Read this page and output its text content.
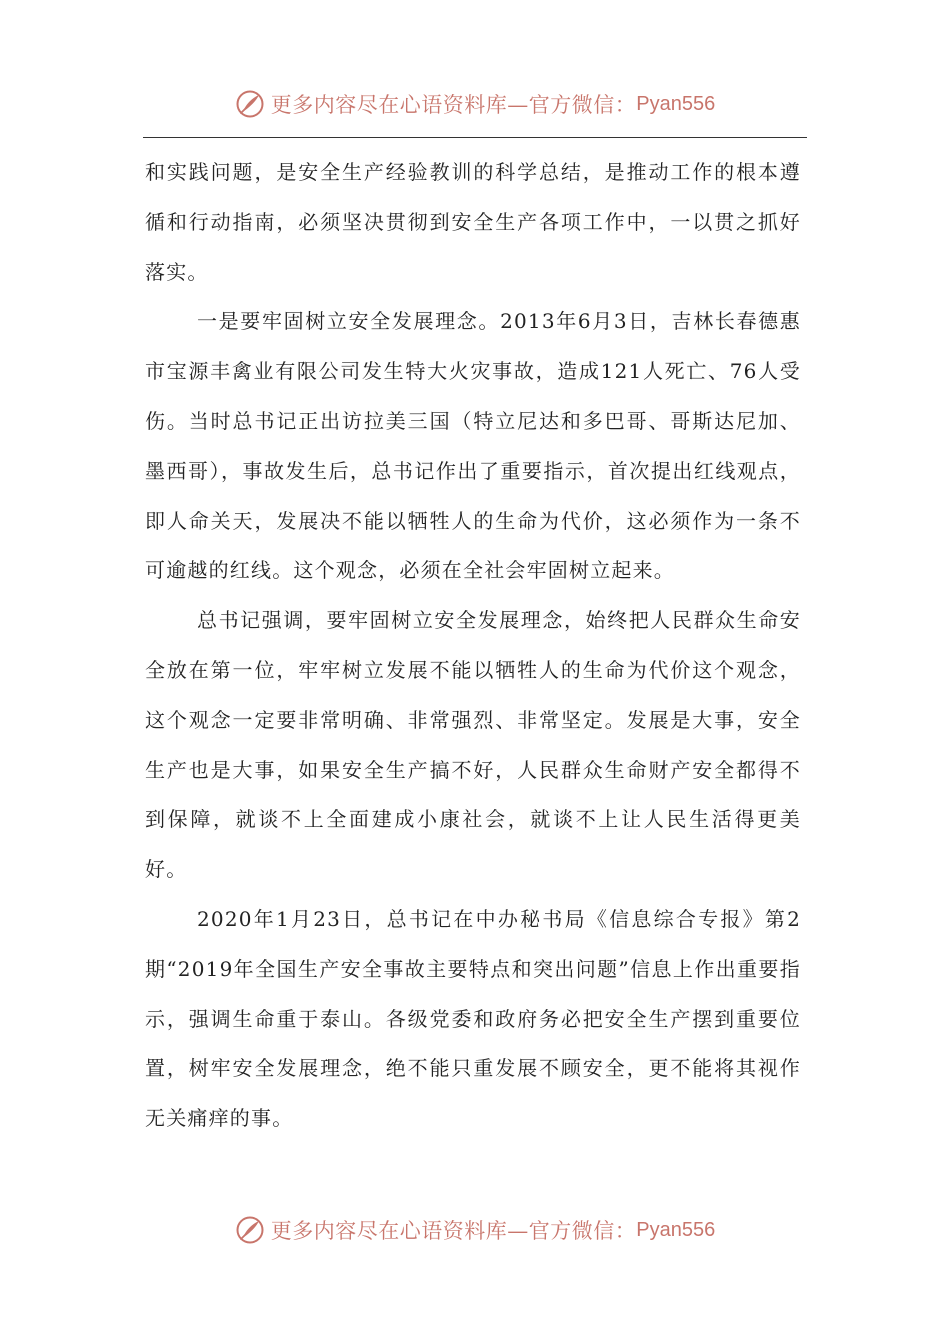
更多内容尽在心语资料库—官方微信： Pyan556

和实践问题，是安全生产经验教训的科学总结，是推动工作的根本遵循和行动指南，必须坚决贯彻到安全生产各项工作中，一以贯之抓好落实。

一是要牢固树立安全发展理念。2013年6月3日，吉林长春德惠市宝源丰禽业有限公司发生特大火灾事故，造成121人死亡、76人受伤。当时总书记正出访拉美三国（特立尼达和多巴哥、哥斯达尼加、墨西哥），事故发生后，总书记作出了重要指示，首次提出红线观点，即人命关天，发展决不能以牺牲人的生命为代价，这必须作为一条不可逾越的红线。这个观念，必须在全社会牢固树立起来。

总书记强调，要牢固树立安全发展理念，始终把人民群众生命安全放在第一位，牢牢树立发展不能以牺牲人的生命为代价这个观念，这个观念一定要非常明确、非常强烈、非常坚定。发展是大事，安全生产也是大事，如果安全生产搞不好，人民群众生命财产安全都得不到保障，就谈不上全面建成小康社会，就谈不上让人民生活得更美好。

2020年1月23日，总书记在中办秘书局《信息综合专报》第2期“2019年全国生产安全事故主要特点和突出问题”信息上作出重要指示，强调生命重于泰山。各级党委和政府务必把安全生产摆到重要位置，树牢安全发展理念，绝不能只重发展不顾安全，更不能将其视作无关痛痒的事。

更多内容尽在心语资料库—官方微信： Pyan556
